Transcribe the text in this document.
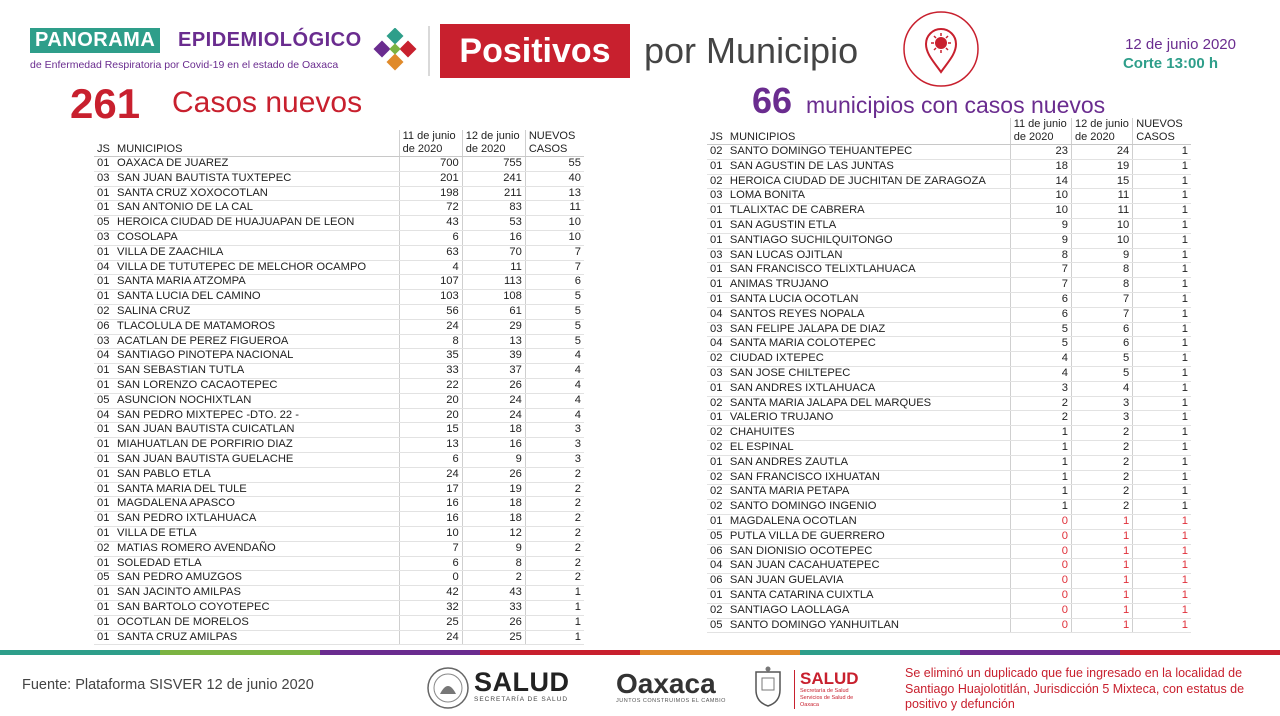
PANORAMA EPIDEMIOLÓGICO
de Enfermedad Respiratoria por Covid-19 en el estado de Oaxaca	Positivos por Municipio	12 de junio 2020
Corte 13:00 h
261 Casos nuevos	66 municipios con casos nuevos
JS	MUNICIPIOS	11 de junio de 2020	12 de junio de 2020	NUEVOS CASOS
01	OAXACA DE JUAREZ	700	755	55
03	SAN JUAN BAUTISTA TUXTEPEC	201	241	40
01	SANTA CRUZ XOXOCOTLAN	198	211	13
01	SAN ANTONIO DE LA CAL	72	83	11
05	HEROICA CIUDAD DE HUAJUAPAN DE LEON	43	53	10
03	COSOLAPA	6	16	10
01	VILLA DE ZAACHILA	63	70	7
04	VILLA DE TUTUTEPEC DE MELCHOR OCAMPO	4	11	7
01	SANTA MARIA ATZOMPA	107	113	6
01	SANTA LUCIA DEL CAMINO	103	108	5
02	SALINA CRUZ	56	61	5
06	TLACOLULA DE MATAMOROS	24	29	5
03	ACATLAN DE PEREZ FIGUEROA	8	13	5
04	SANTIAGO PINOTEPA NACIONAL	35	39	4
01	SAN SEBASTIAN TUTLA	33	37	4
01	SAN LORENZO CACAOTEPEC	22	26	4
05	ASUNCION NOCHIXTLAN	20	24	4
04	SAN PEDRO MIXTEPEC -DTO. 22 -	20	24	4
01	SAN JUAN BAUTISTA CUICATLAN	15	18	3
01	MIAHUATLAN DE PORFIRIO DIAZ	13	16	3
01	SAN JUAN BAUTISTA GUELACHE	6	9	3
01	SAN PABLO ETLA	24	26	2
01	SANTA MARIA DEL TULE	17	19	2
01	MAGDALENA APASCO	16	18	2
01	SAN PEDRO IXTLAHUACA	16	18	2
01	VILLA DE ETLA	10	12	2
02	MATIAS ROMERO AVENDAÑO	7	9	2
01	SOLEDAD ETLA	6	8	2
05	SAN PEDRO AMUZGOS	0	2	2
01	SAN JACINTO AMILPAS	42	43	1
01	SAN BARTOLO COYOTEPEC	32	33	1
01	OCOTLAN DE MORELOS	25	26	1
01	SANTA CRUZ AMILPAS	24	25	1
JS	MUNICIPIOS	11 de junio de 2020	12 de junio de 2020	NUEVOS CASOS
02	SANTO DOMINGO TEHUANTEPEC	23	24	1
01	SAN AGUSTIN DE LAS JUNTAS	18	19	1
02	HEROICA CIUDAD DE JUCHITAN DE ZARAGOZA	14	15	1
03	LOMA BONITA	10	11	1
01	TLALIXTAC DE CABRERA	10	11	1
01	SAN AGUSTIN ETLA	9	10	1
01	SANTIAGO SUCHILQUITONGO	9	10	1
03	SAN LUCAS OJITLAN	8	9	1
01	SAN FRANCISCO TELIXTLAHUACA	7	8	1
01	ANIMAS TRUJANO	7	8	1
01	SANTA LUCIA OCOTLAN	6	7	1
04	SANTOS REYES NOPALA	6	7	1
03	SAN FELIPE JALAPA DE DIAZ	5	6	1
04	SANTA MARIA COLOTEPEC	5	6	1
02	CIUDAD IXTEPEC	4	5	1
03	SAN JOSE CHILTEPEC	4	5	1
01	SAN ANDRES IXTLAHUACA	3	4	1
02	SANTA MARIA JALAPA DEL MARQUES	2	3	1
01	VALERIO TRUJANO	2	3	1
02	CHAHUITES	1	2	1
02	EL ESPINAL	1	2	1
01	SAN ANDRES ZAUTLA	1	2	1
02	SAN FRANCISCO IXHUATAN	1	2	1
02	SANTA MARIA PETAPA	1	2	1
02	SANTO DOMINGO INGENIO	1	2	1
01	MAGDALENA OCOTLAN	0	1	1
05	PUTLA VILLA DE GUERRERO	0	1	1
06	SAN DIONISIO OCOTEPEC	0	1	1
04	SAN JUAN CACAHUATEPEC	0	1	1
06	SAN JUAN GUELAVIA	0	1	1
01	SANTA CATARINA CUIXTLA	0	1	1
02	SANTIAGO LAOLLAGA	0	1	1
05	SANTO DOMINGO YANHUITLAN	0	1	1
Fuente: Plataforma SISVER 12 de junio 2020	SALUD
SECRETARÍA DE SALUD
Oaxaca
JUNTOS CONSTRUIMOS EL CAMBIO
SALUD
Secretaría de Salud Servicios de Salud de Oaxaca
Se eliminó un duplicado que fue ingresado en la localidad de Santiago Huajolotitlán, Jurisdicción 5 Mixteca, con estatus de positivo y defunción
